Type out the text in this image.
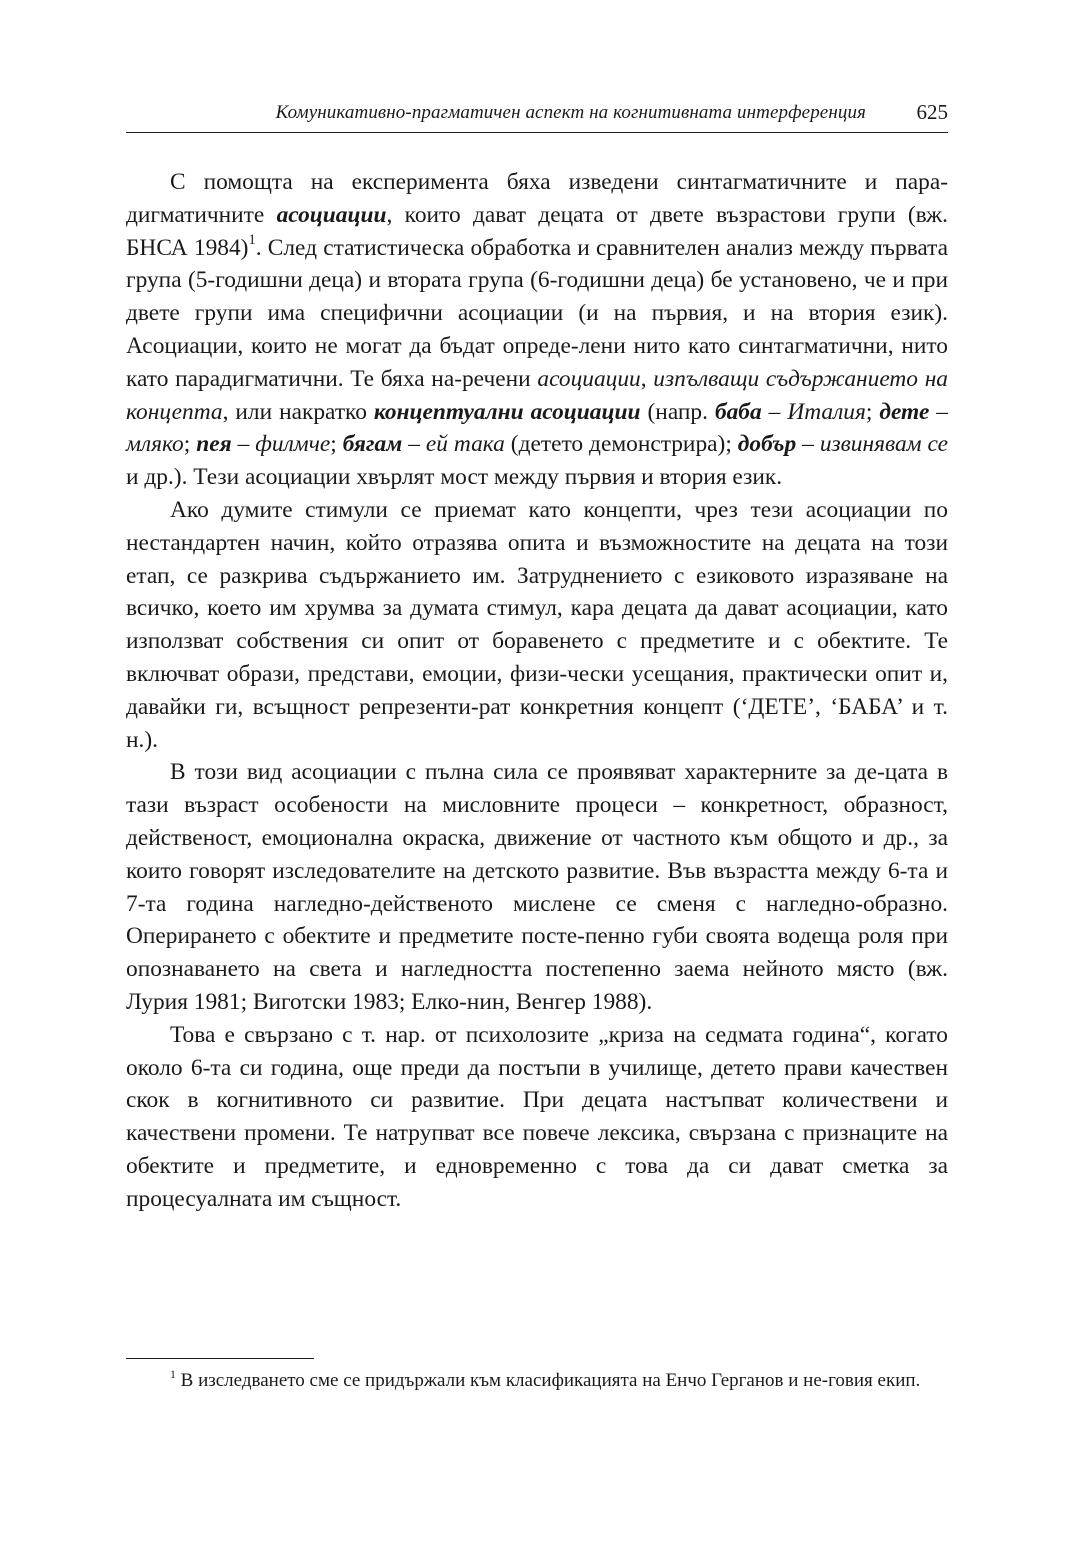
Комуникативно-прагматичен аспект на когнитивната интерференция 625

С помощта на експеримента бяха изведени синтагматичните и пара-дигматичните асоциации, които дават децата от двете възрастови групи (вж. БНСА 1984)$^1$. След статистическа обработка и сравнителен анализ между първата група (5-годишни деца) и втората група (6-годишни деца) бе установено, че и при двете групи има специфични асоциации (и на първия, и на втория език). Асоциации, които не могат да бъдат опреде-лени нито като синтагматични, нито като парадигматични. Те бяха на-речени асоциации, изпълващи съдържанието на концепта, или накратко концептуални асоциации (напр. баба – Италия; дете – мляко; пея – филмче; бягам – ей така (детето демонстрира); добър – извинявам се и др.). Тези асоциации хвърлят мост между първия и втория език.

Ако думите стимули се приемат като концепти, чрез тези асоциации по нестандартен начин, който отразява опита и възможностите на децата на този етап, се разкрива съдържанието им. Затруднението с езиковото изразяване на всичко, което им хрумва за думата стимул, кара децата да дават асоциации, като използват собствения си опит от боравенето с предметите и с обектите. Те включват образи, представи, емоции, физи-чески усещания, практически опит и, давайки ги, всъщност репрезенти-рат конкретния концепт (‘ДЕТЕ’, ‘БАБА’ и т. н.).

В този вид асоциации с пълна сила се проявяват характерните за де-цата в тази възраст особености на мисловните процеси – конкретност, образност, действеност, емоционална окраска, движение от частното към общото и др., за които говорят изследователите на детското развитие. Във възрастта между 6-та и 7-та година нагледно-действеното мислене се сменя с нагледно-образно. Оперирането с обектите и предметите посте-пенно губи своята водеща роля при опознаването на света и нагледността постепенно заема нейното място (вж. Лурия 1981; Виготски 1983; Елко-нин, Венгер 1988).

Това е свързано с т. нар. от психолозите „криза на седмата година“, когато около 6-та си година, още преди да постъпи в училище, детето прави качествен скок в когнитивното си развитие. При децата настъпват количествени и качествени промени. Те натрупват все повече лексика, свързана с признаците на обектите и предметите, и едновременно с това да си дават сметка за процесуалната им същност.

$^1$ В изследването сме се придържали към класификацията на Енчо Герганов и не-говия екип.
